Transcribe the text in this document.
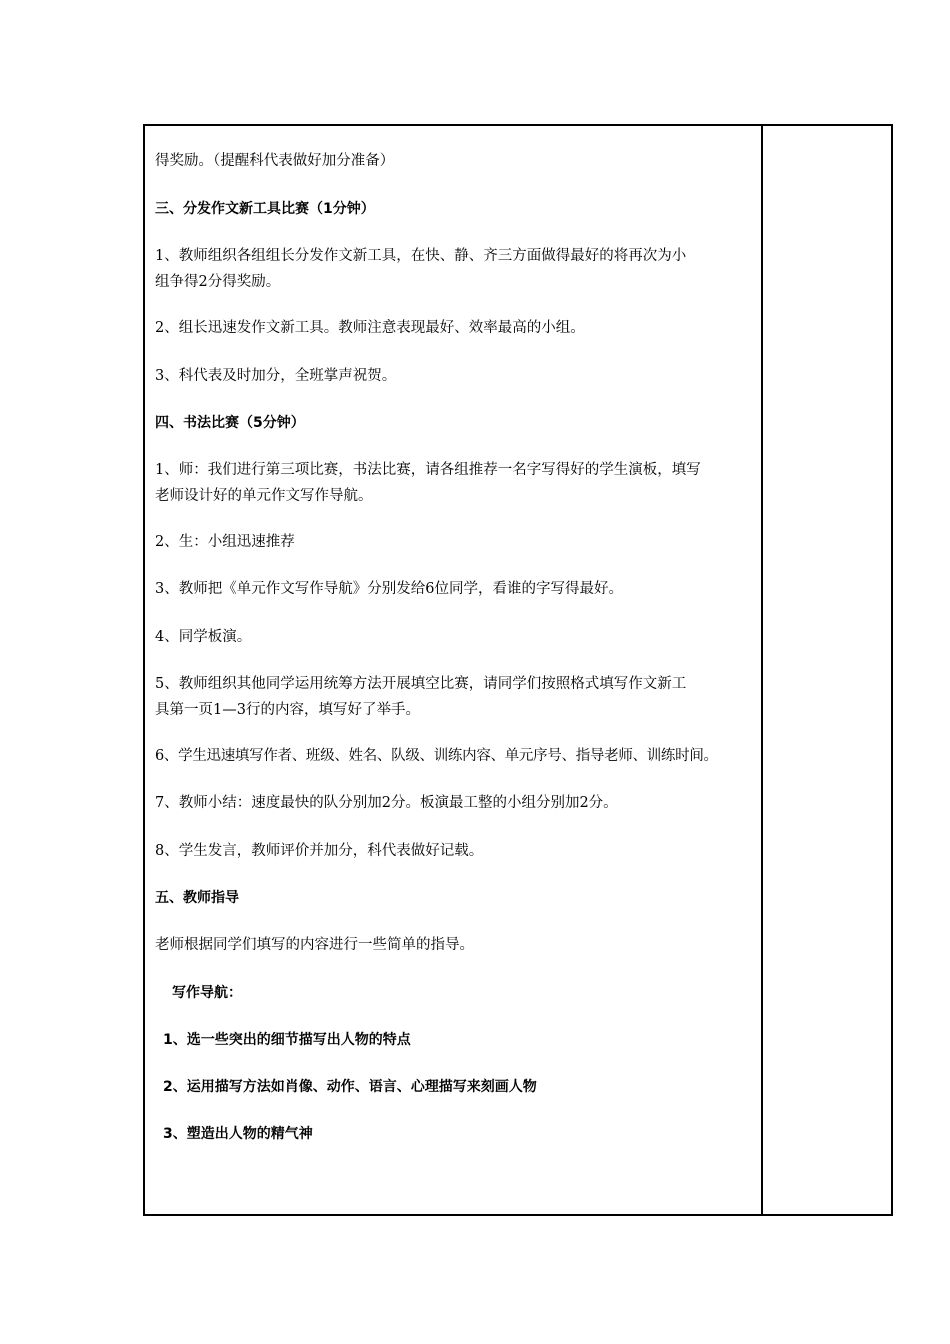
得奖励。（提醒科代表做好加分准备）
三、分发作文新工具比赛（1分钟）
1、教师组织各组组长分发作文新工具，在快、静、齐三方面做得最好的将再次为小
组争得2分得奖励。
2、组长迅速发作文新工具。教师注意表现最好、效率最高的小组。
3、科代表及时加分，全班掌声祝贺。
四、书法比赛（5分钟）
1、师：我们进行第三项比赛，书法比赛，请各组推荐一名字写得好的学生演板，填写
老师设计好的单元作文写作导航。
2、生：小组迅速推荐
3、教师把《单元作文写作导航》分别发给6位同学，看谁的字写得最好。
4、同学板演。
5、教师组织其他同学运用统筹方法开展填空比赛，请同学们按照格式填写作文新工
具第一页1—3行的内容，填写好了举手。
6、学生迅速填写作者、班级、姓名、队级、训练内容、单元序号、指导老师、训练时间。
7、教师小结：速度最快的队分别加2分。板演最工整的小组分别加2分。
8、学生发言，教师评价并加分，科代表做好记载。
五、教师指导
老师根据同学们填写的内容进行一些简单的指导。
写作导航：
1、选一些突出的细节描写出人物的特点
2、运用描写方法如肖像、动作、语言、心理描写来刻画人物
3、塑造出人物的精气神
